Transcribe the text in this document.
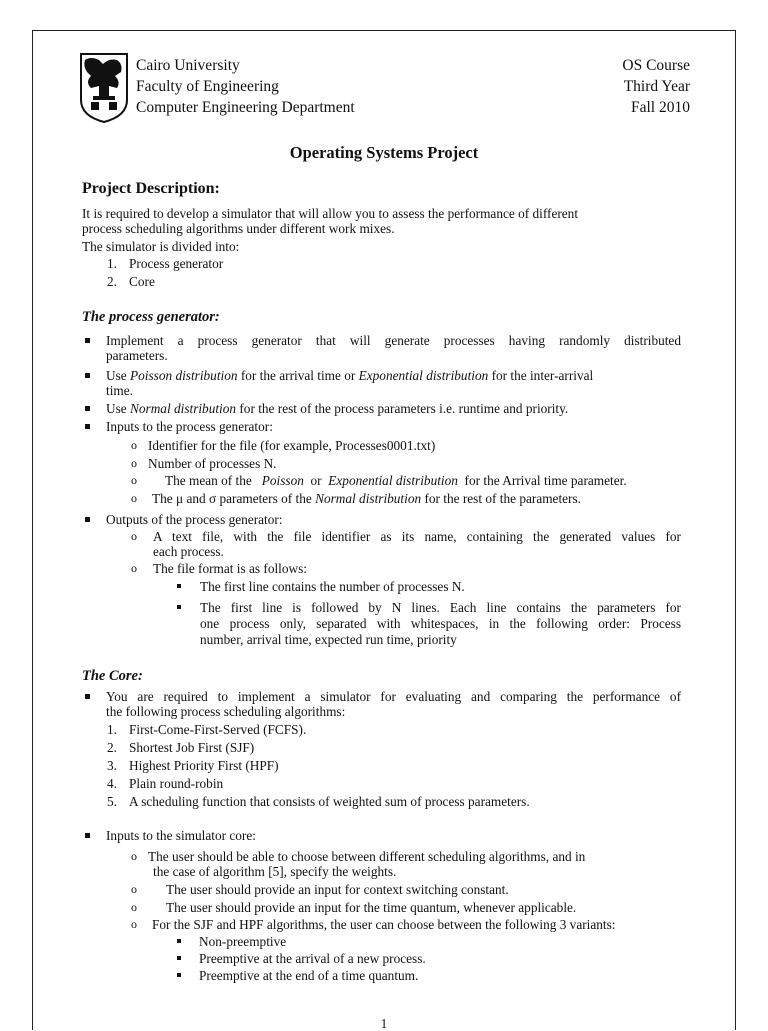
Cairo University
Faculty of Engineering
Computer Engineering Department
OS Course
Third Year
Fall 2010
Operating Systems Project
Project Description:
It is required to develop a simulator that will allow you to assess the performance of different
process scheduling algorithms under different work mixes.
The simulator is divided into:
1. Process generator
2. Core
The process generator:
Implement a process generator that will generate processes having randomly distributed
parameters.
Use Poisson distribution for the arrival time or Exponential distribution for the inter-arrival
time.
Use Normal distribution for the rest of the process parameters i.e. runtime and priority.
Inputs to the process generator:
o Identifier for the file (for example, Processes0001.txt)
o Number of processes N.
o The mean of the   Poisson  or  Exponential distribution  for the Arrival time parameter.
o The μ and σ parameters of the Normal distribution for the rest of the parameters.
Outputs of the process generator:
o A text file, with the file identifier as its name, containing the generated values for
each process.
o The file format is as follows:
The first line contains the number of processes N.
The first line is followed by N lines. Each line contains the parameters for
one process only, separated with whitespaces, in the following order: Process
number, arrival time, expected run time, priority
The Core:
You are required to implement a simulator for evaluating and comparing the performance of
the following process scheduling algorithms:
1. First-Come-First-Served (FCFS).
2. Shortest Job First (SJF)
3. Highest Priority First (HPF)
4. Plain round-robin
5. A scheduling function that consists of weighted sum of process parameters.
Inputs to the simulator core:
o The user should be able to choose between different scheduling algorithms, and in
the case of algorithm [5], specify the weights.
o The user should provide an input for context switching constant.
o The user should provide an input for the time quantum, whenever applicable.
o For the SJF and HPF algorithms, the user can choose between the following 3 variants:
Non-preemptive
Preemptive at the arrival of a new process.
Preemptive at the end of a time quantum.
1
